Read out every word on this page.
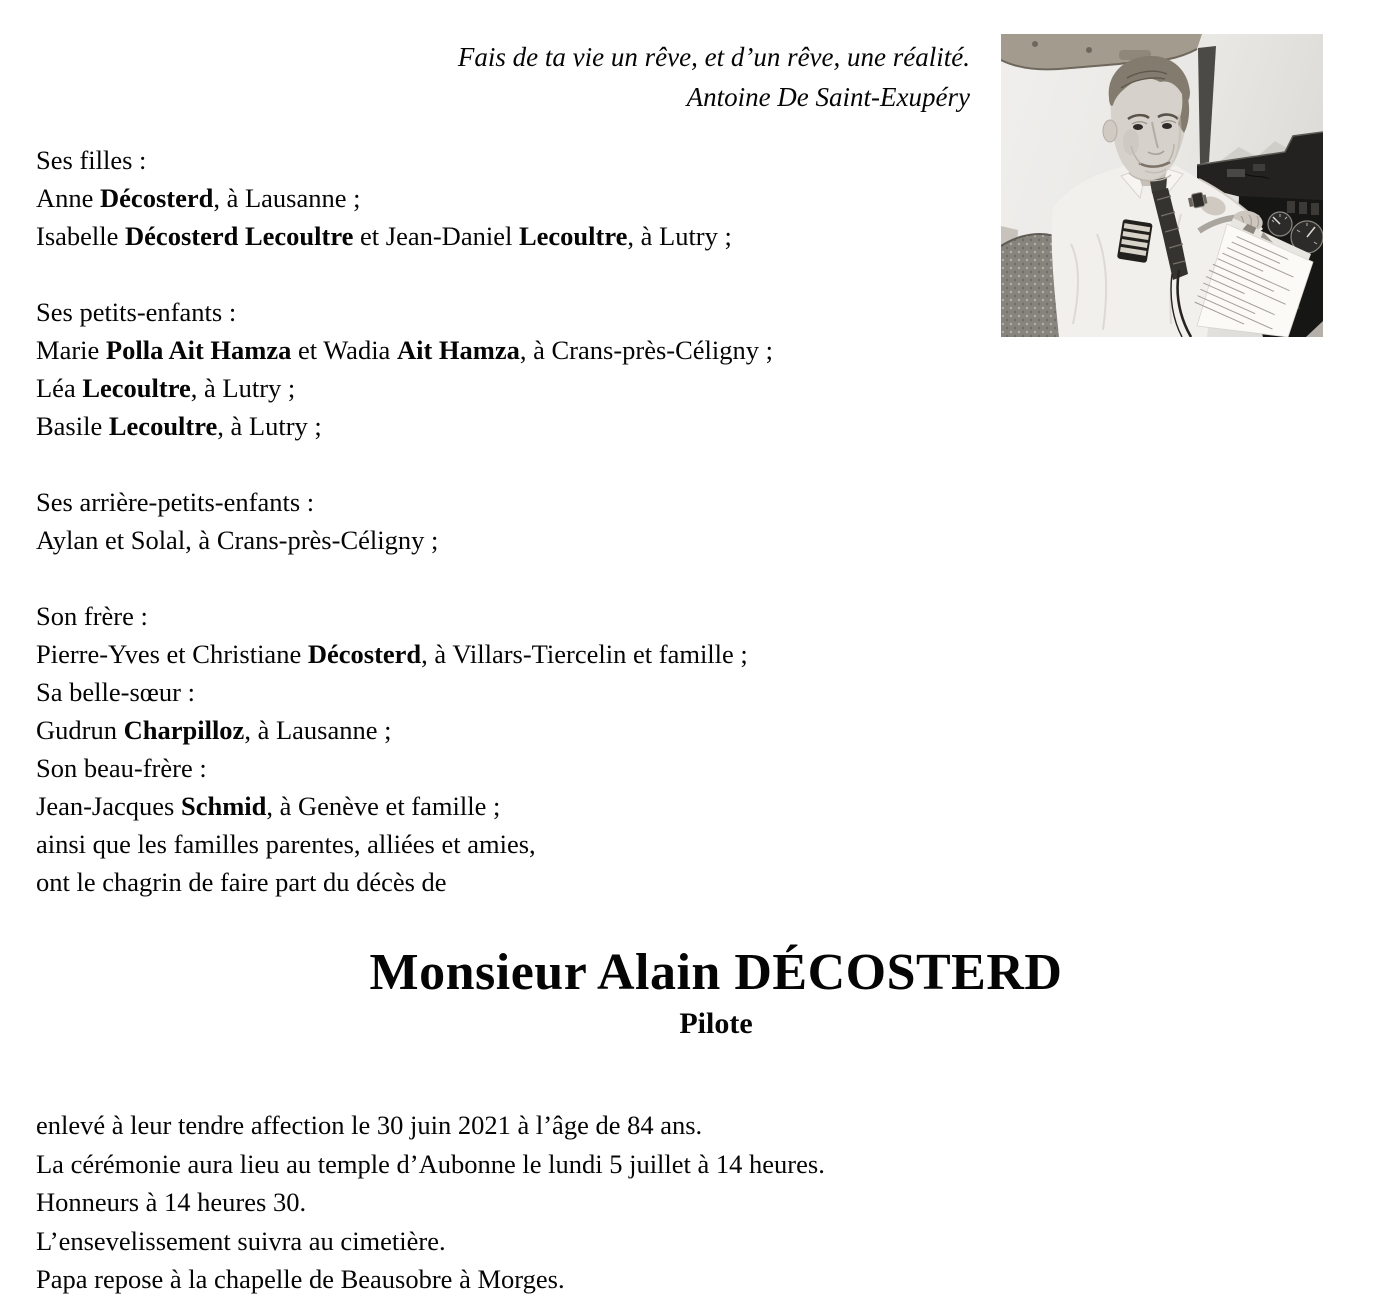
Fais de ta vie un rêve, et d’un rêve, une réalité.
Antoine De Saint-Exupéry
Ses filles :
Anne Décosterd, à Lausanne ;
Isabelle Décosterd Lecoultre et Jean-Daniel Lecoultre, à Lutry ;

Ses petits-enfants :
Marie Polla Ait Hamza et Wadia Ait Hamza, à Crans-près-Céligny ;
Léa Lecoultre, à Lutry ;
Basile Lecoultre, à Lutry ;

Ses arrière-petits-enfants :
Aylan et Solal, à Crans-près-Céligny ;

Son frère :
Pierre-Yves et Christiane Décosterd, à Villars-Tiercelin et famille ;
Sa belle-sœur :
Gudrun Charpilloz, à Lausanne ;
Son beau-frère :
Jean-Jacques Schmid, à Genève et famille ;
ainsi que les familles parentes, alliées et amies,
ont le chagrin de faire part du décès de
Monsieur Alain DÉCOSTERD
Pilote
enlevé à leur tendre affection le 30 juin 2021 à l’âge de 84 ans.
La cérémonie aura lieu au temple d’Aubonne le lundi 5 juillet à 14 heures.
Honneurs à 14 heures 30.
L’ensevelissement suivra au cimetière.
Papa repose à la chapelle de Beausobre à Morges.
